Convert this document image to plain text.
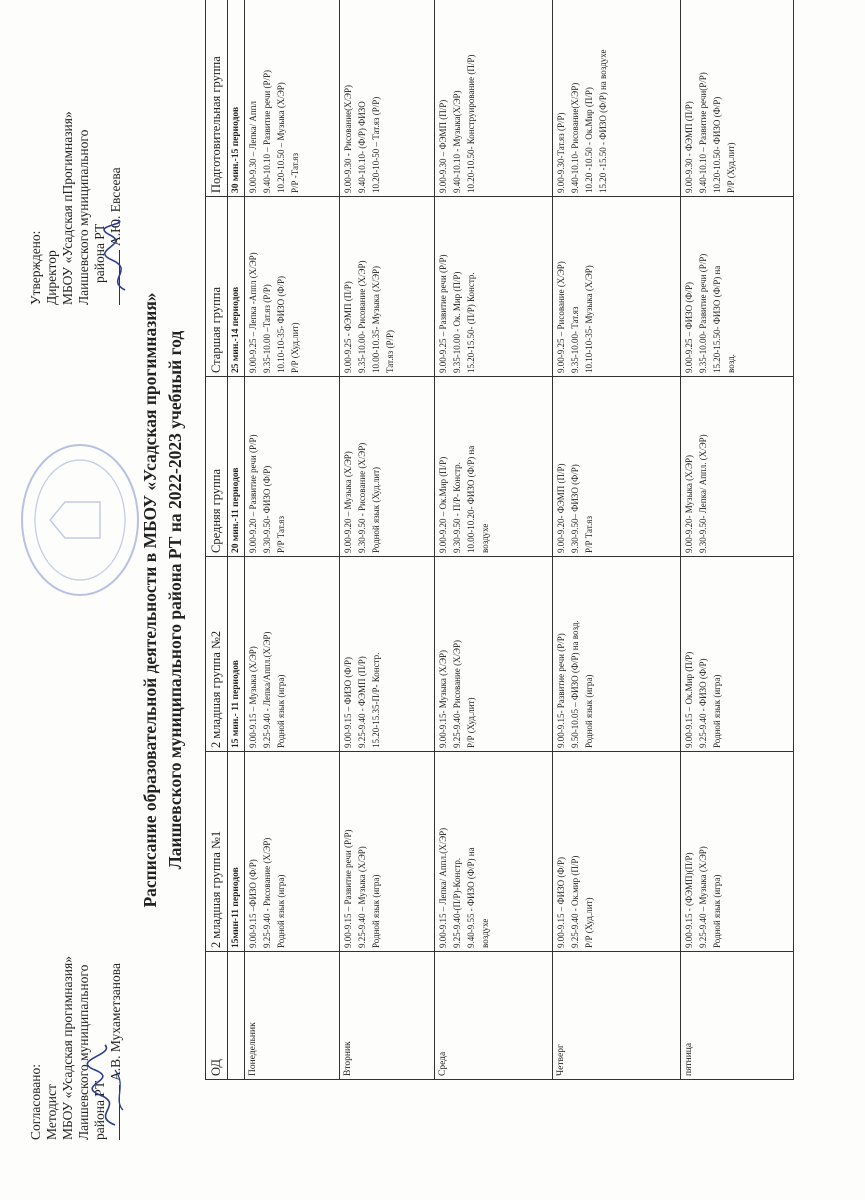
Согласовано: Методист МБОУ «Усадская прогимназия» Лаишевского муниципального района РТ
А.В. Мухаметзанова
Утверждено: Директор МБОУ «Усадская пПрогимназия» Лаишевского муниципального района РТ
А.Ю. Евсеева
Расписание образовательной деятельности в МБОУ «Усадская прогимназия» Лаишевского муниципального района РТ на 2022-2023 учебный год
ОД	2 младшая группа №1	2 младшая группа №2	Средняя группа	Старшая группа	Подготовительная группа
	15мин-11 периодов	15 мин.- 11 периодов	20 мин.-11 периодов	25 мин.-14 периодов	30 мин.-15 периодов
Понедельник	9.00-9.15 –ФИЗО (Ф/Р) 9.25-9.40 - Рисование (Х/ЭР) Родной язык (игра)	9.00-9.15 – Музыка (Х/ЭР) 9.25-9.40 - Лепка/Аппл.(Х/ЭР) Родной язык (игра)	9.00-9.20 – Развитие речи (Р/Р) 9.30-9.50- ФИЗО (Ф/Р) Р/Р Тат.яз	9.00-9.25 – Лепка -Аппл (Х/ЭР) 9.35-10.00 –Тат.яз (Р/Р) 10.10-10-35- ФИЗО (Ф/Р) Р/Р (Худ.лит)	9.00-9.30 – Лепка/ Аппл 9.40-10.10 – Развитие речи (Р/Р) 10.20-10.50 – Музыка (Х/ЭР) Р/Р -Тат.яз

Вторник	9.00-9.15 – Развитие речи (Р/Р) 9.25-9.40 – Музыка (Х/ЭР) Родной язык (игра)	9.00-9.15 – ФИЗО (Ф/Р) 9.25-9.40 - ФЭМП (П/Р) 15.20-15.35-П/Р- Констр.	9.00-9.20 – Музыка (Х/ЭР) 9.30-9.50 - Рисование (Х/ЭР) Родной язык (Худ.лит)	9.00-9.25 - ФЭМП (П/Р) 9.35-10.00- Рисование (Х/ЭР) 10.00-10.35- Музыка (Х/ЭР) Тат.яз (Р/Р)	9.00-9.30 - Рисование(Х/ЭР) 9.40-10.10- (Ф/Р) ФИЗО 10.20-10-50 – Тат.яз (Р/Р)

Среда	9.00-9.15 – Лепка/ Аппл.(Х/ЭР) 9.25-9.40-(П/Р)-Констр. 9.40-9.55 - ФИЗО (Ф/Р) на воздухе	9.00-9.15- Музыка (Х/ЭР) 9.25-9.40- Рисование (Х/ЭР) Р/Р (Худ.лит)	9.00-9.20 – Ок.Мир (П/Р) 9.30-9.50 - П/Р- Констр. 10.00-10.20- ФИЗО (Ф/Р) на воздухе	9.00-9.25 – Развитие речи (Р/Р) 9.35-10.00 - Ок. Мир (П/Р) 15.20-15.50- (П/Р) Констр.	9.00-9.30 – ФЭМП (П/Р) 9.40-10.10 - Музыка(Х/ЭР) 10.20-10.50- Конструирование (П/Р)

Четверг	9.00-9.15 – ФИЗО (Ф/Р) 9.25-9.40 - Ок.мир (П/Р) Р/Р (Худ.лит)	9.00-9.15- Развитие речи (Р/Р) 9.50-10.05 – ФИЗО (Ф/Р) на возд. Родной язык (игра)	9.00-9.20- ФЭМП (П/Р) 9.30-9.50– ФИЗО (Ф/Р) Р/Р Тат.яз	9.00-9.25 – Рисование (Х/ЭР) 9.35-10.00- Тат.яз 10.10-10-35- Музыка (Х/ЭР)	9.00-9.30-Тат.яз (Р/Р) 9.40-10.10- Рисование(Х/ЭР) 10.20 -10.50 - Ок.Мир (П/Р) 15.20 -15.50 - ФИЗО (Ф/Р) на воздухе

пятница	9.00-9.15 - (ФЭМП)(П/Р) 9.25-9.40 – Музыка (Х/ЭР) Родной язык (игра)	9.00-9.15 – Ок.Мир (П/Р) 9.25-9.40 - ФИЗО (Ф/Р) Родной язык (игра)	9.00-9.20- Музыка (Х/ЭР) 9.30-9.50- Лепка/ Аппл. (Х/ЭР)	9.00-9.25 – ФИЗО (Ф/Р) 9.35-10.00- Развитие речи (Р/Р) 15.20-15.50- ФИЗО (Ф/Р) на возд.	9.00-9.30 - ФЭМП (П/Р) 9.40-10.10 – Развитие речи(Р/Р) 10.20-10.50- ФИЗО (Ф/Р) Р/Р (Худ.лит)
